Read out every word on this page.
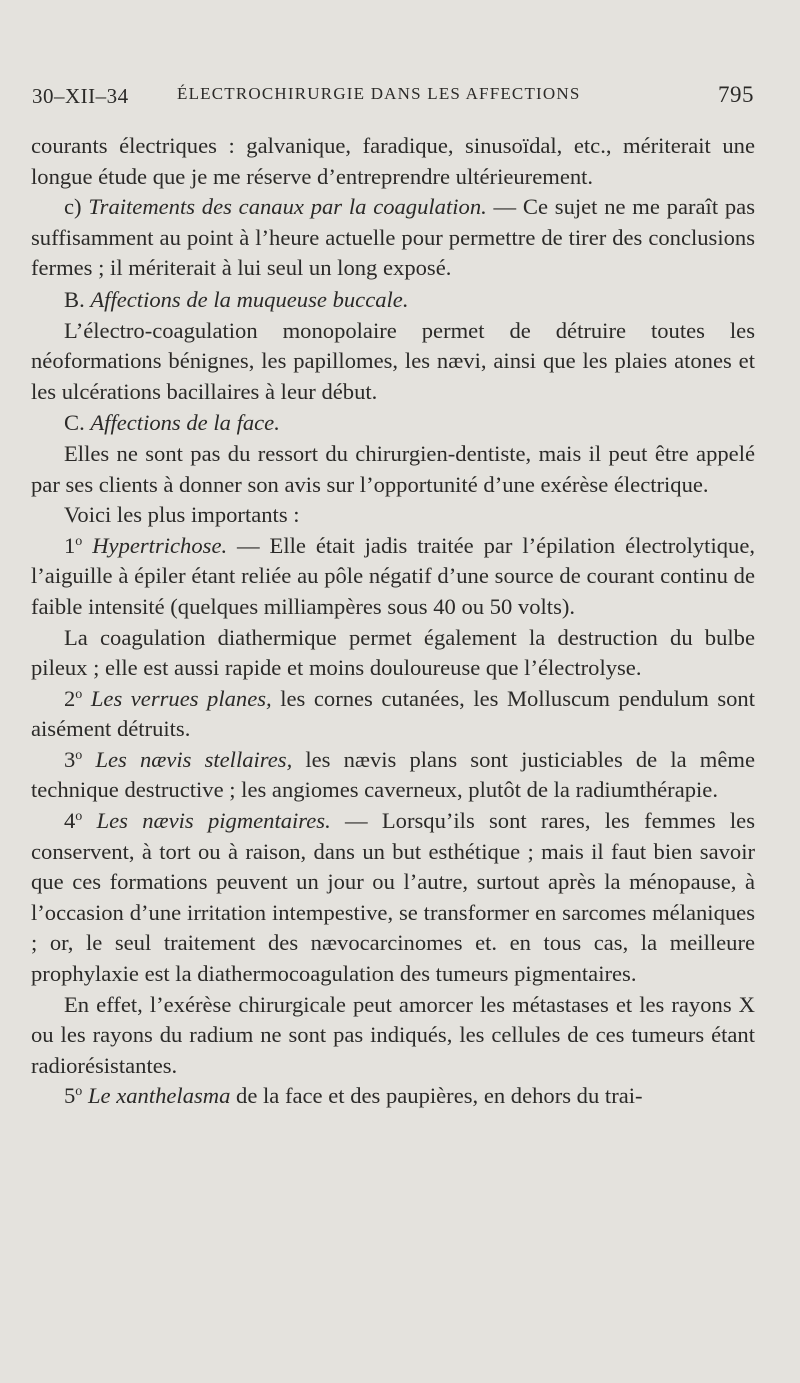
30–XII–34	ÉLECTROCHIRURGIE DANS LES AFFECTIONS	795

courants électriques : galvanique, faradique, sinusoïdal, etc., mériterait une longue étude que je me réserve d’entreprendre ultérieurement.

c) Traitements des canaux par la coagulation. — Ce sujet ne me paraît pas suffisamment au point à l’heure actuelle pour permettre de tirer des conclusions fermes ; il mériterait à lui seul un long exposé.

B. Affections de la muqueuse buccale.

L’électro-coagulation monopolaire permet de détruire toutes les néoformations bénignes, les papillomes, les nævi, ainsi que les plaies atones et les ulcérations bacillaires à leur début.

C. Affections de la face.

Elles ne sont pas du ressort du chirurgien-dentiste, mais il peut être appelé par ses clients à donner son avis sur l’opportunité d’une exérèse électrique.

Voici les plus importants :

1$^o$ Hypertrichose. — Elle était jadis traitée par l’épilation électrolytique, l’aiguille à épiler étant reliée au pôle négatif d’une source de courant continu de faible intensité (quelques milliampères sous 40 ou 50 volts).

La coagulation diathermique permet également la destruction du bulbe pileux ; elle est aussi rapide et moins douloureuse que l’électrolyse.

2$^o$ Les verrues planes, les cornes cutanées, les Molluscum pendulum sont aisément détruits.

3$^o$ Les nævis stellaires, les nævis plans sont justiciables de la même technique destructive ; les angiomes caverneux, plutôt de la radiumthérapie.

4$^o$ Les nævis pigmentaires. — Lorsqu’ils sont rares, les femmes les conservent, à tort ou à raison, dans un but esthétique ; mais il faut bien savoir que ces formations peuvent un jour ou l’autre, surtout après la ménopause, à l’occasion d’une irritation intempestive, se transformer en sarcomes mélaniques ; or, le seul traitement des nævocarcinomes et. en tous cas, la meilleure prophylaxie est la diathermocoagulation des tumeurs pigmentaires.

En effet, l’exérèse chirurgicale peut amorcer les métastases et les rayons X ou les rayons du radium ne sont pas indiqués, les cellules de ces tumeurs étant radiorésistantes.

5$^o$ Le xanthelasma de la face et des paupières, en dehors du trai-
